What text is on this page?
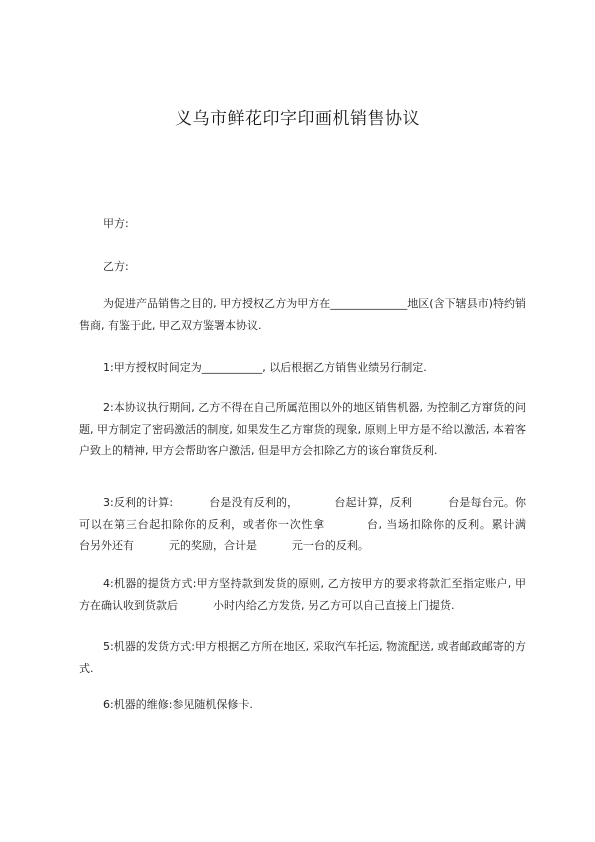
义乌市鲜花印字印画机销售协议

甲方:

乙方:

为促进产品销售之目的, 甲方授权乙方为甲方在______________地区(含下辖县市)特约销售商, 有鉴于此, 甲乙双方鉴署本协议.

1:甲方授权时间定为___________, 以后根据乙方销售业绩另行制定.

2:本协议执行期间, 乙方不得在自己所属范围以外的地区销售机器, 为控制乙方窜货的问题, 甲方制定了密码激活的制度, 如果发生乙方窜货的现象, 原则上甲方是不给以激活, 本着客户致上的精神, 甲方会帮助客户激活, 但是甲方会扣除乙方的该台窜货反利.

3:反利的计算:          台是没有反利的，          台起计算，反利          台是每台元。你可以在第三台起扣除你的反利，或者你一次性拿          台, 当场扣除你的反利。累计满          台另外还有          元的奖励，合计是          元一台的反利。

4:机器的提货方式:甲方坚持款到发货的原则, 乙方按甲方的要求将款汇至指定账户, 甲方在确认收到货款后          小时内给乙方发货, 另乙方可以自己直接上门提货.

5:机器的发货方式:甲方根据乙方所在地区, 采取汽车托运, 物流配送, 或者邮政邮寄的方式.

6:机器的维修:参见随机保修卡.
